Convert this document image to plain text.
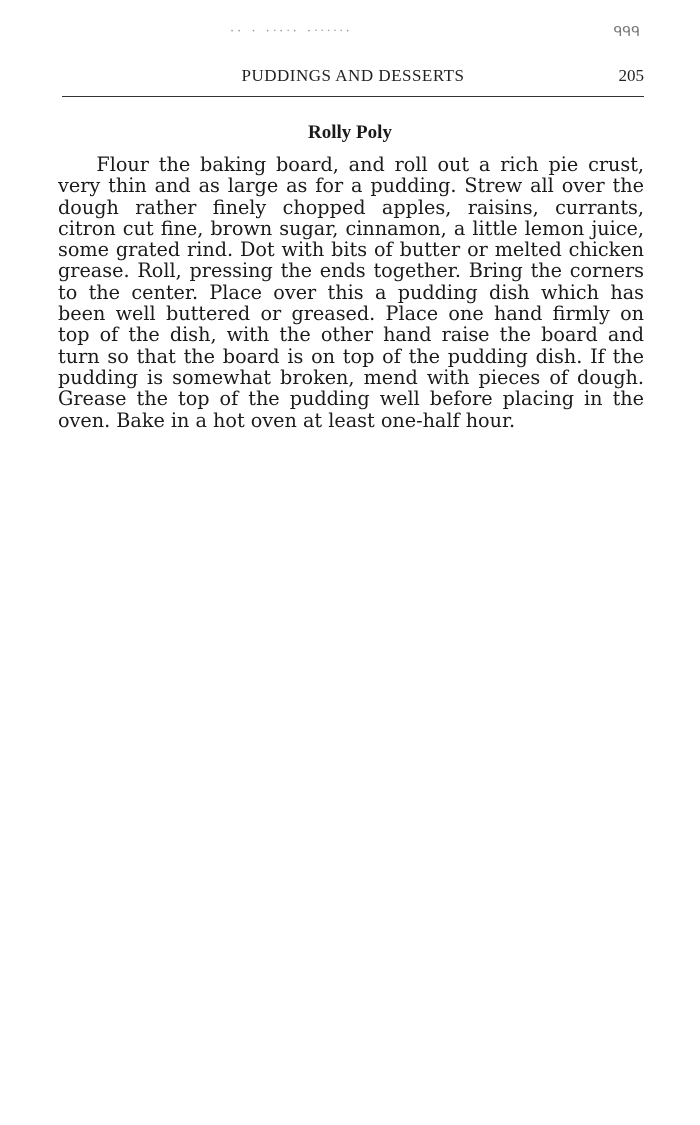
·· · ·ᐧ·ᐧ· ·ᐧᐧᐧᐧᐧ·	ᑫᑫᑫ
PUDDINGS AND DESSERTS	205
Rolly Poly

Flour the baking board, and roll out a rich pie crust, very thin and as large as for a pudding. Strew all over the dough rather finely chopped apples, raisins, currants, citron cut fine, brown sugar, cinnamon, a little lemon juice, some grated rind. Dot with bits of butter or melted chicken grease. Roll, pressing the ends together. Bring the corners to the center. Place over this a pudding dish which has been well buttered or greased. Place one hand firmly on top of the dish, with the other hand raise the board and turn so that the board is on top of the pudding dish. If the pudding is somewhat broken, mend with pieces of dough. Grease the top of the pudding well before placing in the oven. Bake in a hot oven at least one-half hour.
